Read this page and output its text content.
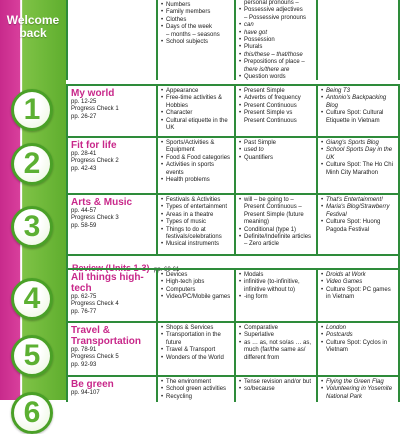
Welcome
back
1
2
3
4
5
6
• Numbers
• Family members
• Clothes
• Days of the week
– months – seasons
• School subjects
personal pronouns –
• Possessive adjectives
– Possessive pronouns
• can
• have got
• Possession
• Plurals
• this/these – that/those
• Prepositions of place –
there is/there are
• Question words
My world
pp. 12-25
Progress Check 1
pp. 26-27
• Appearance
• Free-time activities & Hobbies
• Character
• Cultural etiquette in the UK
• Present Simple
• Adverbs of frequency
• Present Continuous
• Present Simple vs Present Continuous
• Being T3
• Antonio's Backpacking Blog
• Culture Spot: Cultural Etiquette in Vietnam
Fit for life
pp. 28-41
Progress Check 2
pp. 42-43
• Sports/Activities & Equipment
• Food & Food categories
• Activities in sports events
• Health problems
• Past Simple
• used to
• Quantifiers
• Giang's Sports Blog
• School Sports Day in the UK
• Culture Spot: The Ho Chi Minh City Marathon
Arts & Music
pp. 44-57
Progress Check 3
pp. 58-59
• Festivals & Activities
• Types of entertainment
• Areas in a theatre
• Types of music
• Things to do at festivals/celebrations
• Musical instruments
• will – be going to – Present Continuous – Present Simple (future meaning)
• Conditional (type 1)
• Definite/Indefinite articles – Zero article
• That's Entertainment!
• Maria's Blog/Strawberry Festival
• Culture Spot: Huong Pagoda Festival
Review (Units 1-3) pp. 60-61
All things high-tech
pp. 62-75
Progress Check 4
pp. 76-77
• Devices
• High-tech jobs
• Computers
• Video/PC/Mobile games
• Modals
• infinitive (to-infinitive, infinitive without to)
• -ing form
• Droids at Work
• Video Games
• Culture Spot: PC games in Vietnam
Travel & Transportation
pp. 78-91
Progress Check 5
pp. 92-93
• Shops & Services
• Transportation in the future
• Travel & Transport
• Wonders of the World
• Comparative
• Superlative
• as … as, not so/as … as, much (far/the same as/ different from
• London
• Postcards
• Culture Spot: Cyclos in Vietnam
Be green
pp. 94-107
• The environment
• School green activities
• Recycling
• Tense revision and/or but
• so/because
• Flying the Green Flag
• Volunteering in Yosemite National Park
